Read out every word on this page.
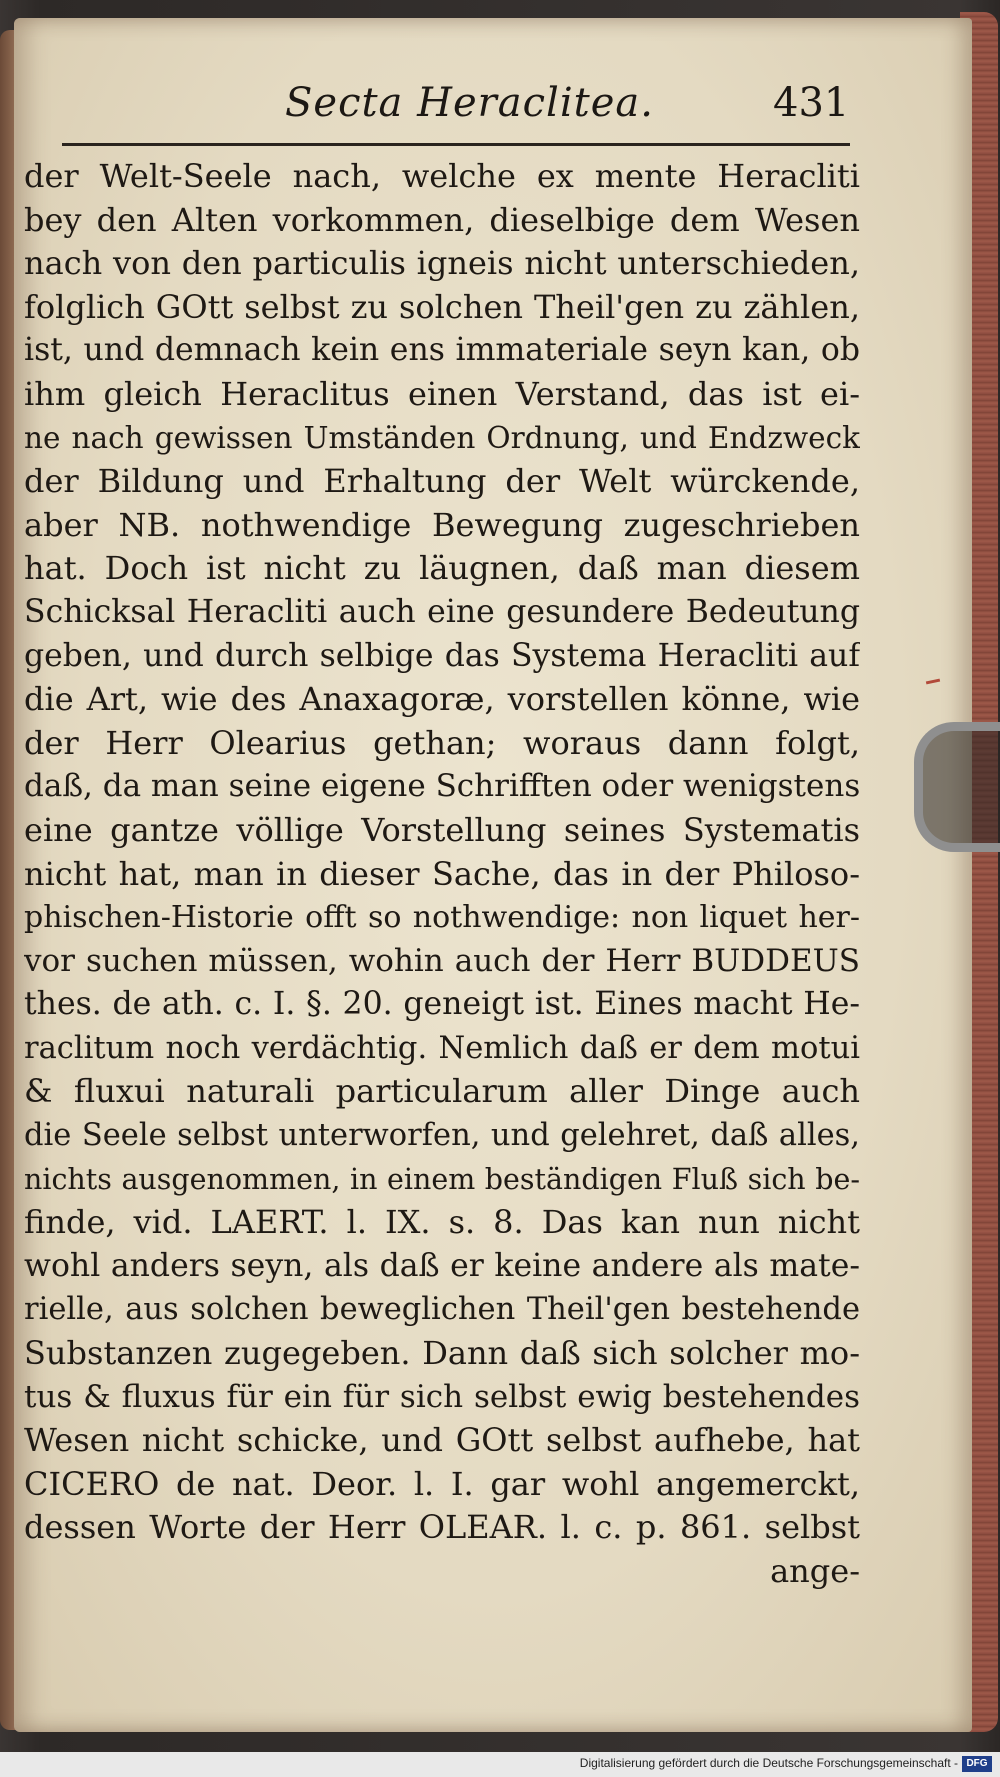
Secta Heraclitea.	431
der Welt-Seele nach, welche ex mente Heracliti
bey den Alten vorkommen, dieselbige dem Wesen
nach von den particulis igneis nicht unterschieden,
folglich GOtt selbst zu solchen Theil'gen zu zählen,
ist, und demnach kein ens immateriale seyn kan, ob
ihm gleich Heraclitus einen Verstand, das ist ei-
ne nach gewissen Umständen Ordnung, und Endzweck
der Bildung und Erhaltung der Welt würckende,
aber NB. nothwendige Bewegung zugeschrieben
hat. Doch ist nicht zu läugnen, daß man diesem
Schicksal Heracliti auch eine gesundere Bedeutung
geben, und durch selbige das Systema Heracliti auf
die Art, wie des Anaxagoræ, vorstellen könne, wie
der Herr Olearius gethan; woraus dann folgt,
daß, da man seine eigene Schrifften oder wenigstens
eine gantze völlige Vorstellung seines Systematis
nicht hat, man in dieser Sache, das in der Philoso-
phischen-Historie offt so nothwendige: non liquet her-
vor suchen müssen, wohin auch der Herr BUDDEUS
thes. de ath. c. I. §. 20. geneigt ist. Eines macht He-
raclitum noch verdächtig. Nemlich daß er dem motui
& fluxui naturali particularum aller Dinge auch
die Seele selbst unterworfen, und gelehret, daß alles,
nichts ausgenommen, in einem beständigen Fluß sich be-
finde, vid. LAERT. l. IX. s. 8. Das kan nun nicht
wohl anders seyn, als daß er keine andere als mate-
rielle, aus solchen beweglichen Theil'gen bestehende
Substanzen zugegeben. Dann daß sich solcher mo-
tus & fluxus für ein für sich selbst ewig bestehendes
Wesen nicht schicke, und GOtt selbst aufhebe, hat
CICERO de nat. Deor. l. I. gar wohl angemerckt,
dessen Worte der Herr OLEAR. l. c. p. 861. selbst
ange-
Digitalisierung gefördert durch die Deutsche Forschungsgemeinschaft - DFG
